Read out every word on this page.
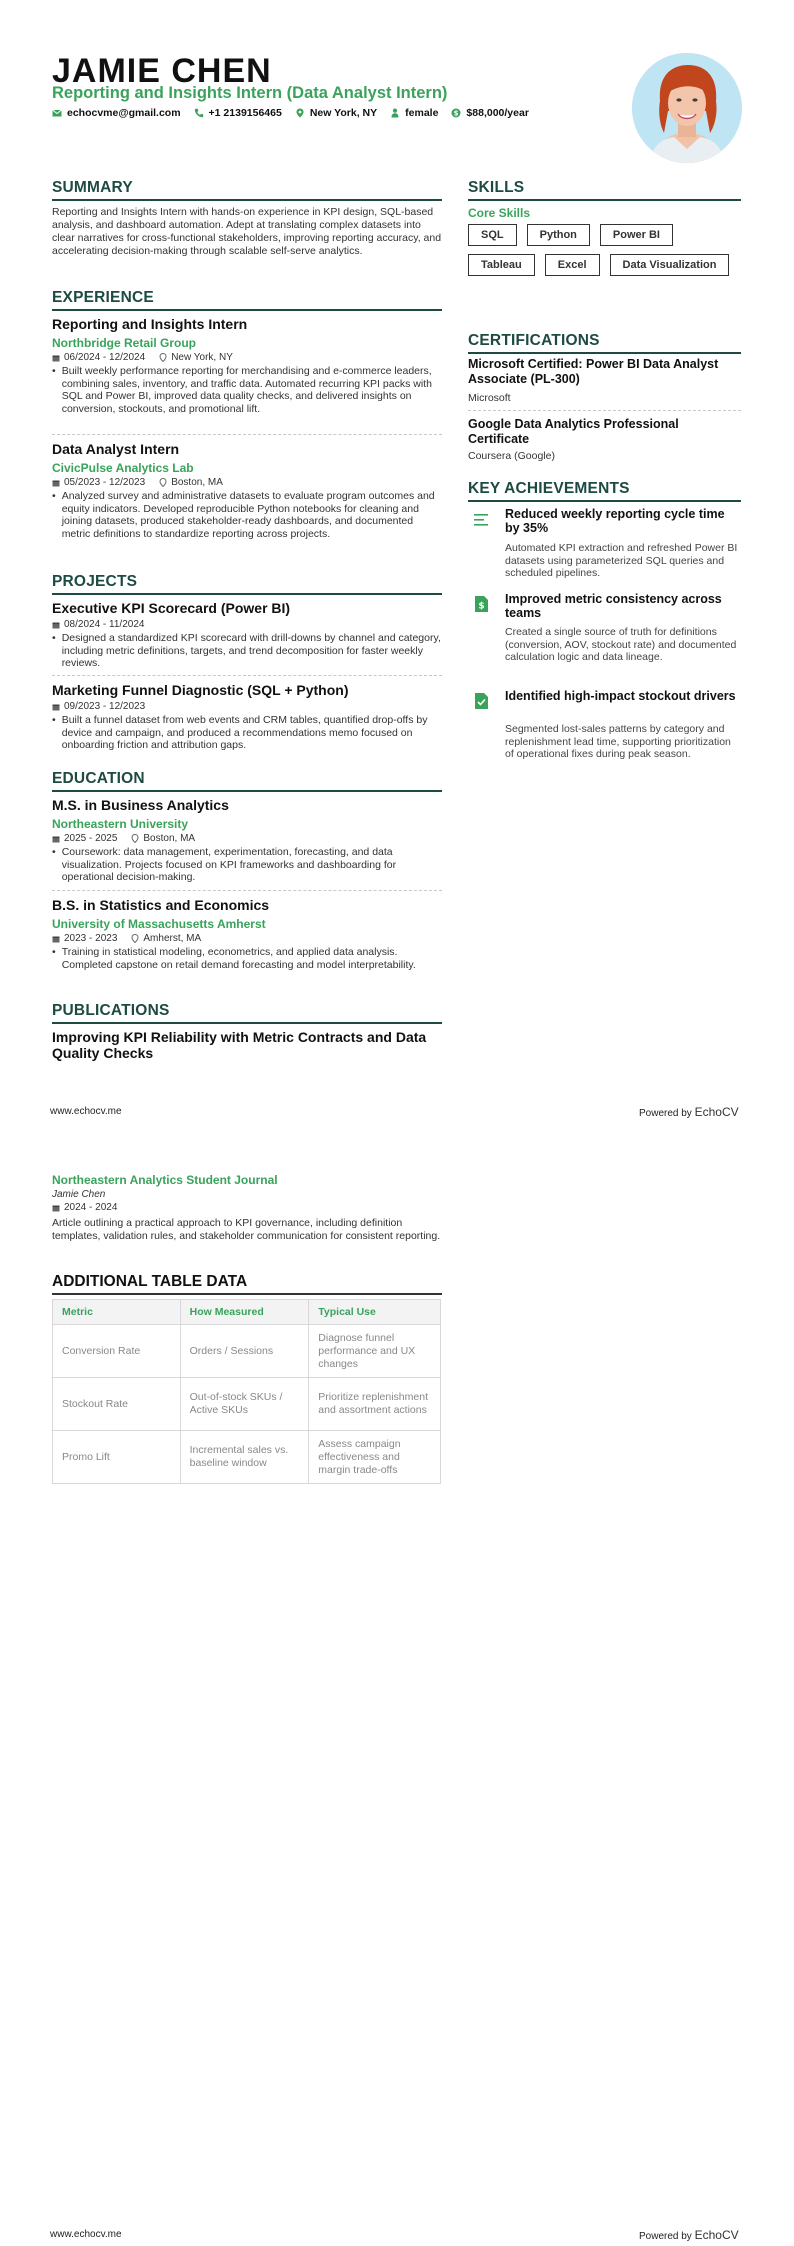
JAMIE CHEN
Reporting and Insights Intern (Data Analyst Intern)
echocvme@gmail.com	+1 2139156465	New York, NY	female $ $88,000/year
SUMMARY
Reporting and Insights Intern with hands-on experience in KPI design, SQL-based analysis, and dashboard automation. Adept at translating complex datasets into clear narratives for cross-functional stakeholders, improving reporting accuracy, and accelerating decision-making through scalable self-serve analytics.
EXPERIENCE
Reporting and Insights Intern
Northbridge Retail Group
06/2024 - 12/2024	New York, NY
• Built weekly performance reporting for merchandising and e-commerce leaders, combining sales, inventory, and traffic data. Automated recurring KPI packs with SQL and Power BI, improved data quality checks, and delivered insights on conversion, stockouts, and promotional lift.
Data Analyst Intern
CivicPulse Analytics Lab
05/2023 - 12/2023	Boston, MA
• Analyzed survey and administrative datasets to evaluate program outcomes and equity indicators. Developed reproducible Python notebooks for cleaning and joining datasets, produced stakeholder-ready dashboards, and documented metric definitions to standardize reporting across projects.
PROJECTS
Executive KPI Scorecard (Power BI)
08/2024 - 11/2024
• Designed a standardized KPI scorecard with drill-downs by channel and category, including metric definitions, targets, and trend decomposition for faster weekly reviews.
Marketing Funnel Diagnostic (SQL + Python)
09/2023 - 12/2023
• Built a funnel dataset from web events and CRM tables, quantified drop-offs by device and campaign, and produced a recommendations memo focused on onboarding friction and attribution gaps.
EDUCATION
M.S. in Business Analytics
Northeastern University
2025 - 2025	Boston, MA
• Coursework: data management, experimentation, forecasting, and data visualization. Projects focused on KPI frameworks and dashboarding for operational decision-making.
B.S. in Statistics and Economics
University of Massachusetts Amherst
2023 - 2023	Amherst, MA
• Training in statistical modeling, econometrics, and applied data analysis. Completed capstone on retail demand forecasting and model interpretability.
PUBLICATIONS
Improving KPI Reliability with Metric Contracts and Data Quality Checks
www.echocv.me	Powered by EchoCV
SKILLS
Core Skills
SQL	Python	Power BI
Tableau	Excel	Data Visualization
CERTIFICATIONS
Microsoft Certified: Power BI Data Analyst Associate (PL-300)
Microsoft
Google Data Analytics Professional Certificate
Coursera (Google)
KEY ACHIEVEMENTS
Reduced weekly reporting cycle time by 35%
Automated KPI extraction and refreshed Power BI datasets using parameterized SQL queries and scheduled pipelines.
$
Improved metric consistency across teams
Created a single source of truth for definitions (conversion, AOV, stockout rate) and documented calculation logic and data lineage.
Identified high-impact stockout drivers
Segmented lost-sales patterns by category and replenishment lead time, supporting prioritization of operational fixes during peak season.
Northeastern Analytics Student Journal
Jamie Chen
2024 - 2024
Article outlining a practical approach to KPI governance, including definition templates, validation rules, and stakeholder communication for consistent reporting.
ADDITIONAL TABLE DATA
Metric	How Measured	Typical Use
Conversion Rate	Orders / Sessions	Diagnose funnel performance and UX changes
Stockout Rate	Out-of-stock SKUs / Active SKUs	Prioritize replenishment and assortment actions
Promo Lift	Incremental sales vs. baseline window	Assess campaign effectiveness and margin trade-offs
www.echocv.me	Powered by EchoCV
